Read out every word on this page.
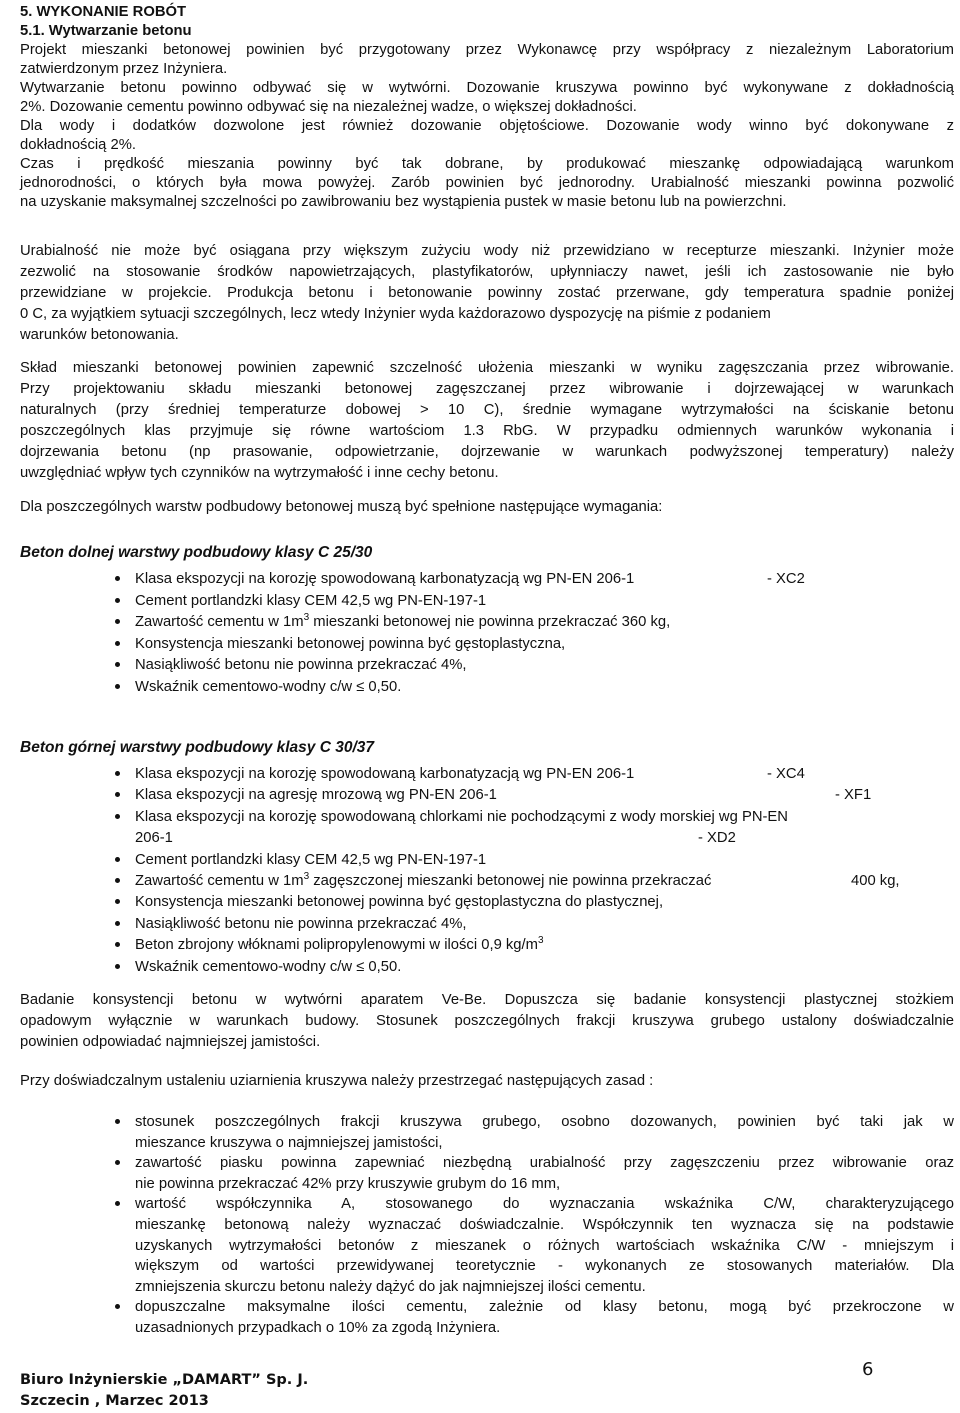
5. WYKONANIE ROBÓT
5.1. Wytwarzanie betonu
Projekt mieszanki betonowej powinien być przygotowany przez Wykonawcę przy współpracy z niezależnym Laboratorium
zatwierdzonym przez Inżyniera.
Wytwarzanie betonu powinno odbywać się w wytwórni. Dozowanie kruszywa powinno być wykonywane z dokładnością
2%. Dozowanie cementu powinno odbywać się na niezależnej wadze, o większej dokładności.
Dla wody i dodatków dozwolone jest również dozowanie objętościowe. Dozowanie wody winno być dokonywane z
dokładnością 2%.
Czas i prędkość mieszania powinny być tak dobrane, by produkować mieszankę odpowiadającą warunkom
jednorodności, o których była mowa powyżej. Zarób powinien być jednorodny. Urabialność mieszanki powinna pozwolić
na uzyskanie maksymalnej szczelności po zawibrowaniu bez wystąpienia pustek w masie betonu lub na powierzchni.
Urabialność nie może być osiągana przy większym zużyciu wody niż przewidziano w recepturze mieszanki. Inżynier może
zezwolić na stosowanie środków napowietrzających, plastyfikatorów, upłynniaczy nawet, jeśli ich zastosowanie nie było
przewidziane w projekcie. Produkcja betonu i betonowanie powinny zostać przerwane, gdy temperatura spadnie poniżej
0 C, za wyjątkiem sytuacji szczególnych, lecz wtedy Inżynier wyda każdorazowo dyspozycję na piśmie z podaniem
warunków betonowania.
Skład mieszanki betonowej powinien zapewnić szczelność ułożenia mieszanki w wyniku zagęszczania przez wibrowanie.
Przy projektowaniu składu mieszanki betonowej zagęszczanej przez wibrowanie i dojrzewającej w warunkach
naturalnych (przy średniej temperaturze dobowej > 10 C), średnie wymagane wytrzymałości na ściskanie betonu
poszczególnych klas przyjmuje się równe wartościom 1.3 RbG. W przypadku odmiennych warunków wykonania i
dojrzewania betonu (np prasowanie, odpowietrzanie, dojrzewanie w warunkach podwyższonej temperatury) należy
uwzględniać wpływ tych czynników na wytrzymałość i inne cechy betonu.
Dla poszczególnych warstw podbudowy betonowej muszą być spełnione następujące wymagania:
Beton dolnej warstwy podbudowy klasy C 25/30
Klasa ekspozycji na korozję spowodowaną karbonatyzacją wg PN-EN 206-1	- XC2
Cement portlandzki klasy CEM 42,5 wg PN-EN-197-1
Zawartość cementu w $1m^3$ mieszanki betonowej nie powinna przekraczać 360 kg,
Konsystencja mieszanki betonowej powinna być gęstoplastyczna,
Nasiąkliwość betonu nie powinna przekraczać 4%,
Wskaźnik cementowo-wodny c/w ≤ 0,50.
Beton górnej warstwy podbudowy klasy C 30/37
Klasa ekspozycji na korozję spowodowaną karbonatyzacją wg PN-EN 206-1	- XC4
Klasa ekspozycji na agresję mrozową wg PN-EN 206-1	- XF1
Klasa ekspozycji na korozję spowodowaną chlorkami nie pochodzącymi z wody morskiej wg PN-EN
206-1	- XD2
Cement portlandzki klasy CEM 42,5 wg PN-EN-197-1
Zawartość cementu w $1m^3$ zagęszczonej mieszanki betonowej nie powinna przekraczać	400 kg,
Konsystencja mieszanki betonowej powinna być gęstoplastyczna do plastycznej,
Nasiąkliwość betonu nie powinna przekraczać 4%,
Beton zbrojony włóknami polipropylenowymi w ilości 0,9 $kg/m^3$
Wskaźnik cementowo-wodny c/w ≤ 0,50.
Badanie konsystencji betonu w wytwórni aparatem Ve-Be. Dopuszcza się badanie konsystencji plastycznej stożkiem
opadowym wyłącznie w warunkach budowy. Stosunek poszczególnych frakcji kruszywa grubego ustalony doświadczalnie
powinien odpowiadać najmniejszej jamistości.
Przy doświadczalnym ustaleniu uziarnienia kruszywa należy przestrzegać następujących zasad :
stosunek poszczególnych frakcji kruszywa grubego, osobno dozowanych, powinien być taki jak w
mieszance kruszywa o najmniejszej jamistości,
zawartość piasku powinna zapewniać niezbędną urabialność przy zagęszczeniu przez wibrowanie oraz
nie powinna przekraczać 42% przy kruszywie grubym do 16 mm,
wartość współczynnika A, stosowanego do wyznaczania wskaźnika C/W, charakteryzującego
mieszankę betonową należy wyznaczać doświadczalnie. Współczynnik ten wyznacza się na podstawie
uzyskanych wytrzymałości betonów z mieszanek o różnych wartościach wskaźnika C/W - mniejszym i
większym od wartości przewidywanej teoretycznie - wykonanych ze stosowanych materiałów. Dla
zmniejszenia skurczu betonu należy dążyć do jak najmniejszej ilości cementu.
dopuszczalne maksymalne ilości cementu, zależnie od klasy betonu, mogą być przekroczone w
uzasadnionych przypadkach o 10% za zgodą Inżyniera.
Biuro Inżynierskie „DAMART” Sp. J.
Szczecin , Marzec 2013
6
